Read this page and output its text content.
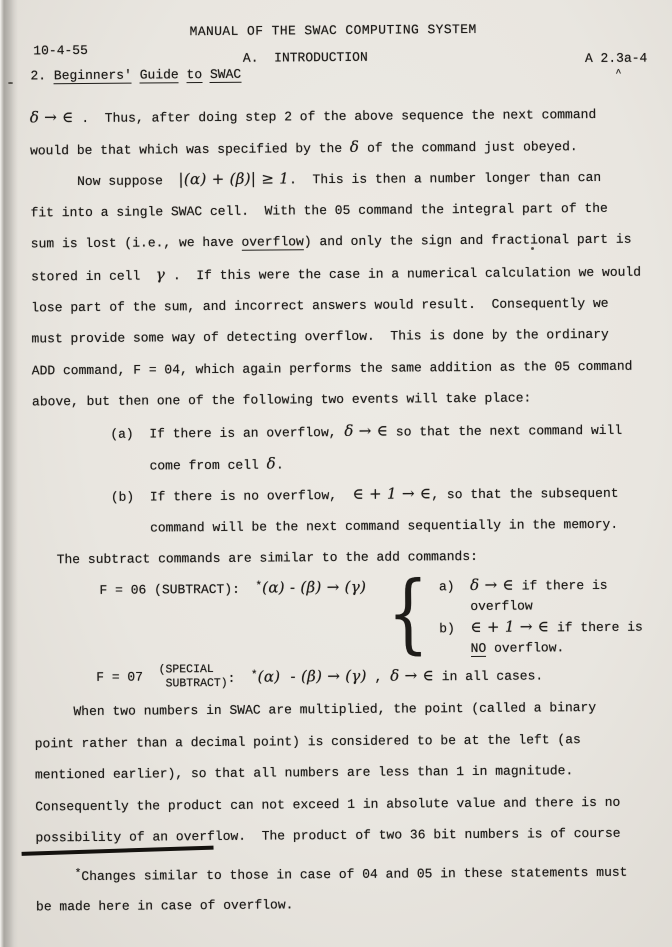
MANUAL OF THE SWAC COMPUTING SYSTEM
10-4-55	A.  INTRODUCTION	A 2.3a-4
^
2. Beginners' Guide to SWAC
δ → ∈ .  Thus, after doing step 2 of the above sequence the next command
would be that which was specified by the δ of the command just obeyed.
Now suppose  |(α) + (β)| ≥ 1.  This is then a number longer than can
fit into a single SWAC cell.  With the 05 command the integral part of the
sum is lost (i.e., we have overflow) and only the sign and fractional part is
stored in cell  γ .  If this were the case in a numerical calculation we would
lose part of the sum, and incorrect answers would result.  Consequently we
must provide some way of detecting overflow.  This is done by the ordinary
ADD command, F = 04, which again performs the same addition as the 05 command
above, but then one of the following two events will take place:
(a)  If there is an overflow, δ → ∈ so that the next command will
come from cell δ.
(b)  If there is no overflow,  ∈ + 1 → ∈, so that the subsequent
command will be the next command sequentially in the memory.
The subtract commands are similar to the add commands:
F = 06 (SUBTRACT):  *(α) - (β) → (γ) { a)  δ → ∈ if there is
overflow
b)  ∈ + 1 → ∈ if there is
NO overflow.
F = 07 (SPECIAL
SUBTRACT) :  *(α)  - (β) → (γ) , δ → ∈ in all cases.
When two numbers in SWAC are multiplied, the point (called a binary
point rather than a decimal point) is considered to be at the left (as
mentioned earlier), so that all numbers are less than 1 in magnitude.
Consequently the product can not exceed 1 in absolute value and there is no
possibility of an overflow.  The product of two 36 bit numbers is of course
*Changes similar to those in case of 04 and 05 in these statements must
be made here in case of overflow.
